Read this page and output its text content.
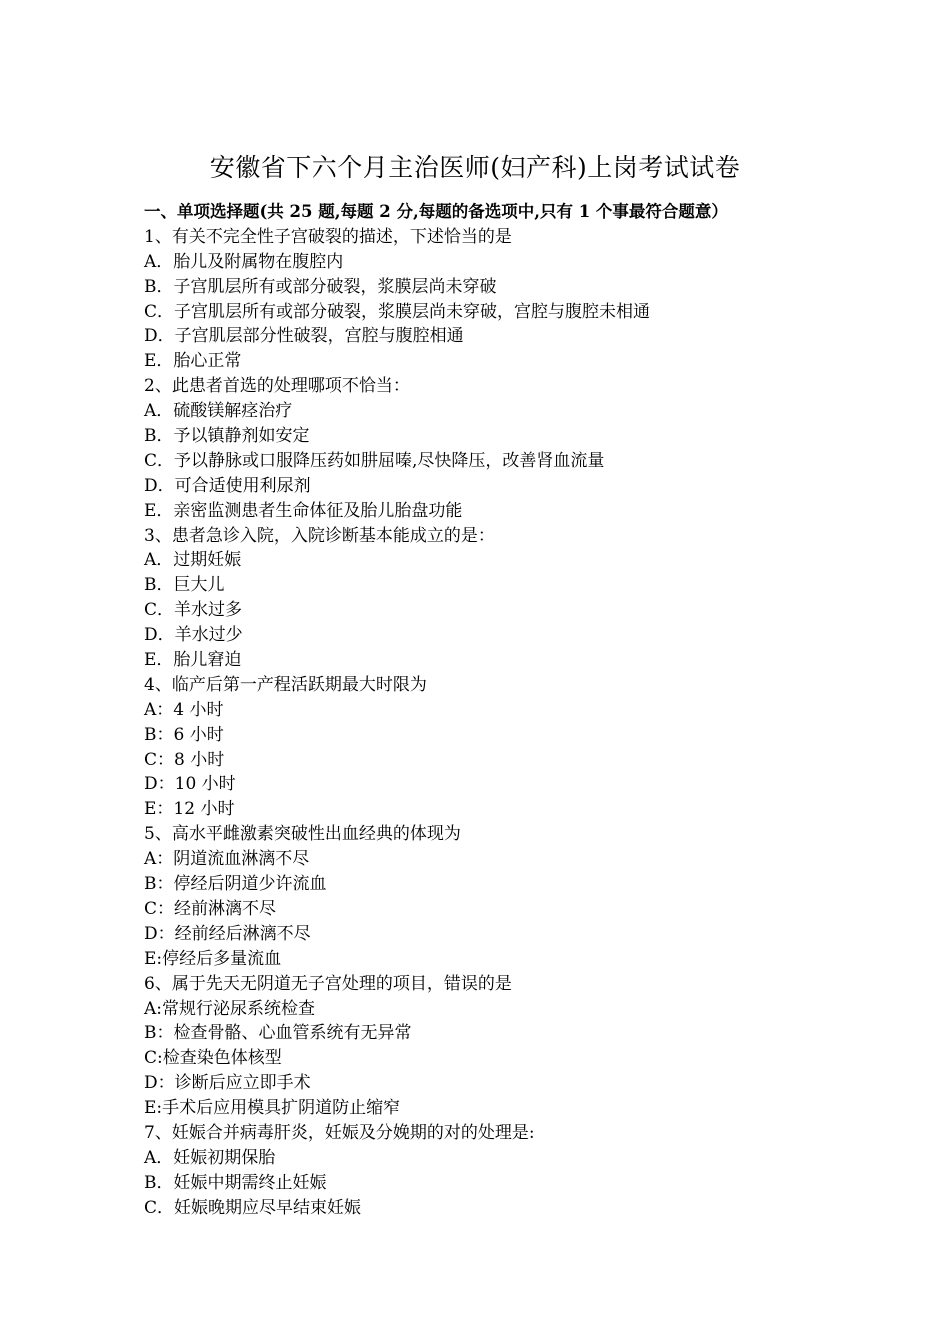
安徽省下六个月主治医师(妇产科)上岗考试试卷
一、单项选择题(共 25 题,每题 2 分,每题的备选项中,只有 1 个事最符合题意）
1、有关不完全性子宫破裂的描述，下述恰当的是
A．胎儿及附属物在腹腔内
B．子宫肌层所有或部分破裂，浆膜层尚未穿破
C．子宫肌层所有或部分破裂，浆膜层尚未穿破，宫腔与腹腔未相通
D．子宫肌层部分性破裂，宫腔与腹腔相通
E．胎心正常
2、此患者首选的处理哪项不恰当：
A．硫酸镁解痉治疗
B．予以镇静剂如安定
C．予以静脉或口服降压药如肼屈嗪,尽快降压，改善肾血流量
D．可合适使用利尿剂
E．亲密监测患者生命体征及胎儿胎盘功能
3、患者急诊入院，入院诊断基本能成立的是：
A．过期妊娠
B．巨大儿
C．羊水过多
D．羊水过少
E．胎儿窘迫
4、临产后第一产程活跃期最大时限为
A：4 小时
B：6 小时
C：8 小时
D：10 小时
E：12 小时
5、高水平雌激素突破性出血经典的体现为
A：阴道流血淋漓不尽
B：停经后阴道少许流血
C：经前淋漓不尽
D：经前经后淋漓不尽
E:停经后多量流血
6、属于先天无阴道无子宫处理的项目，错误的是
A:常规行泌尿系统检查
B：检查骨骼、心血管系统有无异常
C:检查染色体核型
D：诊断后应立即手术
E:手术后应用模具扩阴道防止缩窄
7、妊娠合并病毒肝炎，妊娠及分娩期的对的处理是:
A．妊娠初期保胎
B．妊娠中期需终止妊娠
C．妊娠晚期应尽早结束妊娠
